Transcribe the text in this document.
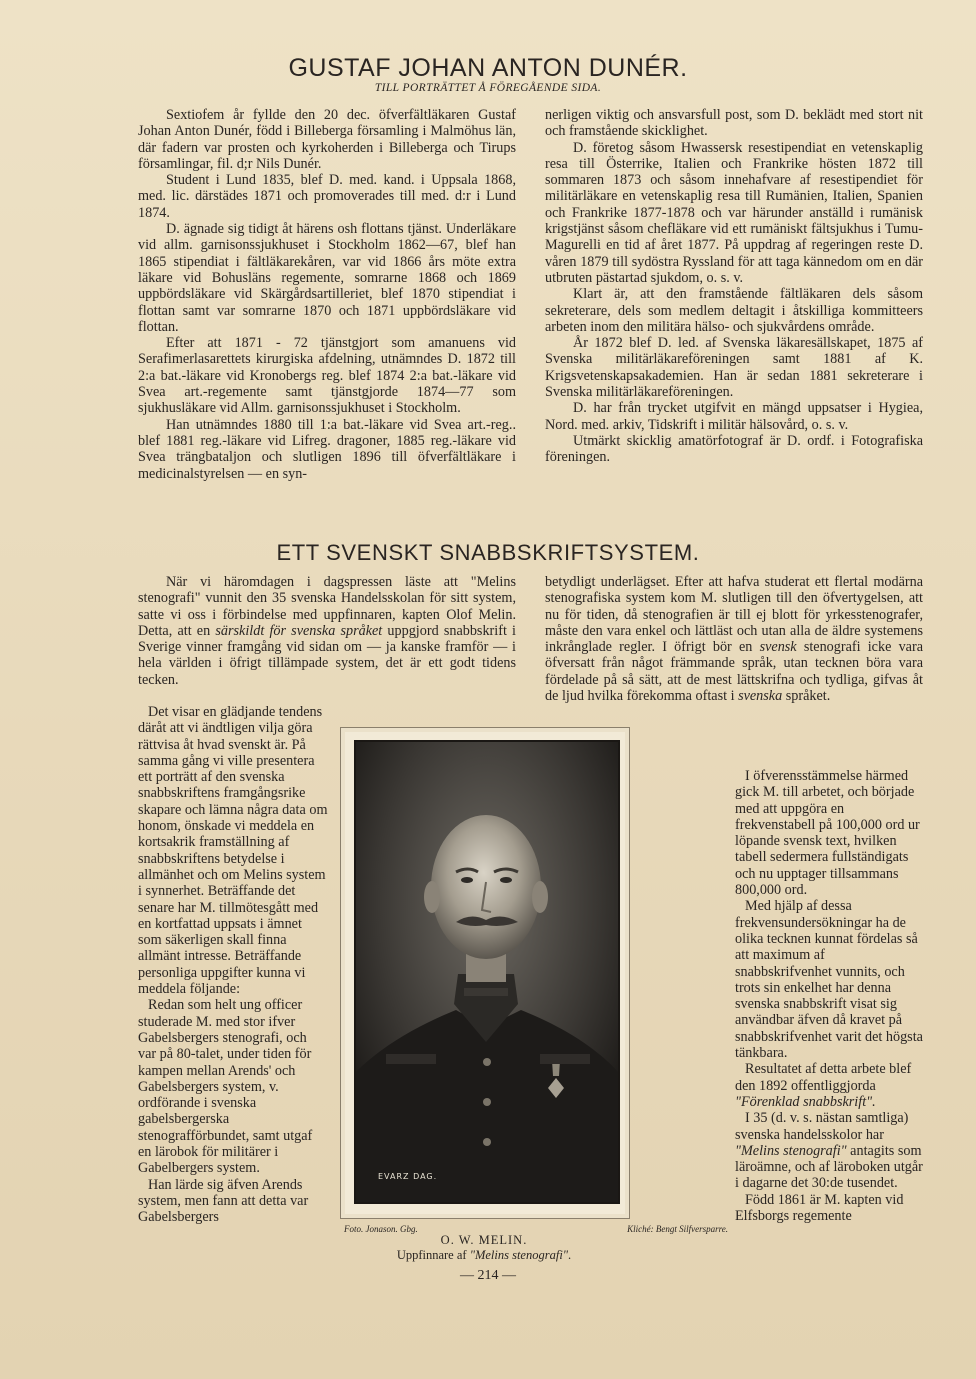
GUSTAF JOHAN ANTON DUNÉR.
TILL PORTRÄTTET Å FÖREGÅENDE SIDA.

Sextiofem år fyllde den 20 dec. öfverfältläkaren Gustaf Johan Anton Dunér, född i Billeberga församling i Malmöhus län, där fadern var prosten och kyrkoherden i Billeberga och Tirups församlingar, fil. d;r Nils Dunér.

Student i Lund 1835, blef D. med. kand. i Uppsala 1868, med. lic. därstädes 1871 och promoverades till med. d:r i Lund 1874.

D. ägnade sig tidigt åt härens osh flottans tjänst. Underläkare vid allm. garnisonssjukhuset i Stockholm 1862—67, blef han 1865 stipendiat i fältläkarekåren, var vid 1866 års möte extra läkare vid Bohusläns regemente, somrarne 1868 och 1869 uppbördsläkare vid Skärgårdsartilleriet, blef 1870 stipendiat i flottan samt var somrarne 1870 och 1871 uppbördsläkare vid flottan.

Efter att 1871 - 72 tjänstgjort som amanuens vid Serafimerlasarettets kirurgiska afdelning, utnämndes D. 1872 till 2:a bat.-läkare vid Kronobergs reg. blef 1874 2:a bat.-läkare vid Svea art.-regemente samt tjänstgjorde 1874—77 som sjukhusläkare vid Allm. garnisonssjukhuset i Stockholm.

Han utnämndes 1880 till 1:a bat.-läkare vid Svea art.-reg.. blef 1881 reg.-läkare vid Lifreg. dragoner, 1885 reg.-läkare vid Svea trängbataljon och slutligen 1896 till öfverfältläkare i medicinalstyrelsen — en syn-

nerligen viktig och ansvarsfull post, som D. beklädt med stort nit och framstående skicklighet.

D. företog såsom Hwassersk resestipendiat en vetenskaplig resa till Österrike, Italien och Frankrike hösten 1872 till sommaren 1873 och såsom innehafvare af resestipendiet för militärläkare en vetenskaplig resa till Rumänien, Italien, Spanien och Frankrike 1877-1878 och var härunder anställd i rumänisk krigstjänst såsom chefläkare vid ett rumäniskt fältsjukhus i Tumu-Magurelli en tid af året 1877. På uppdrag af regeringen reste D. våren 1879 till sydöstra Ryssland för att taga kännedom om en där utbruten pästartad sjukdom, o. s. v.

Klart är, att den framstående fältläkaren dels såsom sekreterare, dels som medlem deltagit i åtskilliga kommitteers arbeten inom den militära hälso- och sjukvårdens område.

År 1872 blef D. led. af Svenska läkaresällskapet, 1875 af Svenska militärläkareföreningen samt 1881 af K. Krigsvetenskapsakademien. Han är sedan 1881 sekreterare i Svenska militärläkareföreningen.

D. har från trycket utgifvit en mängd uppsatser i Hygiea, Nord. med. arkiv, Tidskrift i militär hälsovård, o. s. v.

Utmärkt skicklig amatörfotograf är D. ordf. i Fotografiska föreningen.

ETT SVENSKT SNABBSKRIFTSYSTEM.

När vi häromdagen i dagspressen läste att "Melins stenografi" vunnit den 35 svenska Handelsskolan för sitt system, satte vi oss i förbindelse med uppfinnaren, kapten Olof Melin. Detta, att en särskildt för svenska språket uppgjord snabbskrift i Sverige vinner framgång vid sidan om — ja kanske framför — i hela världen i öfrigt tillämpade system, det är ett godt tidens tecken.

Det visar en glädjande tendens däråt att vi ändtligen vilja göra rättvisa åt hvad svenskt är. På samma gång vi ville presentera ett porträtt af den svenska snabbskriftens framgångsrike skapare och lämna några data om honom, önskade vi meddela en kortsakrik framställning af snabbskriftens betydelse i allmänhet och om Melins system i synnerhet. Beträffande det senare har M. tillmötesgått med en kortfattad uppsats i ämnet som säkerligen skall finna allmänt intresse. Beträffande personliga uppgifter kunna vi meddela följande:

Redan som helt ung officer studerade M. med stor ifver Gabelsbergers stenografi, och var på 80-talet, under tiden för kampen mellan Arends' och Gabelsbergers system, v. ordförande i svenska gabelsbergerska stenografförbundet, samt utgaf en lärobok för militärer i Gabelbergers system.

Han lärde sig äfven Arends system, men fann att detta var Gabelsbergers

betydligt underlägset. Efter att hafva studerat ett flertal modärna stenografiska system kom M. slutligen till den öfvertygelsen, att nu för tiden, då stenografien är till ej blott för yrkesstenografer, måste den vara enkel och lättläst och utan alla de äldre systemens inkrånglade regler. I öfrigt bör en svensk stenografi icke vara öfversatt från något främmande språk, utan tecknen böra vara fördelade på så sätt, att de mest lättskrifna och tydliga, gifvas åt de ljud hvilka förekomma oftast i svenska språket.

I öfverensstämmelse härmed gick M. till arbetet, och började med att uppgöra en frekvenstabell på 100,000 ord ur löpande svensk text, hvilken tabell sedermera fullständigats och nu upptager tillsammans 800,000 ord.

Med hjälp af dessa frekvensundersökningar ha de olika tecknen kunnat fördelas så att maximum af snabbskrifvenhet vunnits, och trots sin enkelhet har denna svenska snabbskrift visat sig användbar äfven då kravet på snabbskrifvenhet varit det högsta tänkbara.

Resultatet af detta arbete blef den 1892 offentliggjorda "Förenklad snabbskrift".

I 35 (d. v. s. nästan samtliga) svenska handelsskolor har "Melins stenografi" antagits som läroämne, och af läroboken utgår i dagarne det 30:de tusendet.

Född 1861 är M. kapten vid Elfsborgs regemente

EVARZ DAG.
Foto. Jonason. Gbg.	Kliché: Bengt Silfversparre.
O. W. MELIN.
Uppfinnare af "Melins stenografi".
— 214 —
